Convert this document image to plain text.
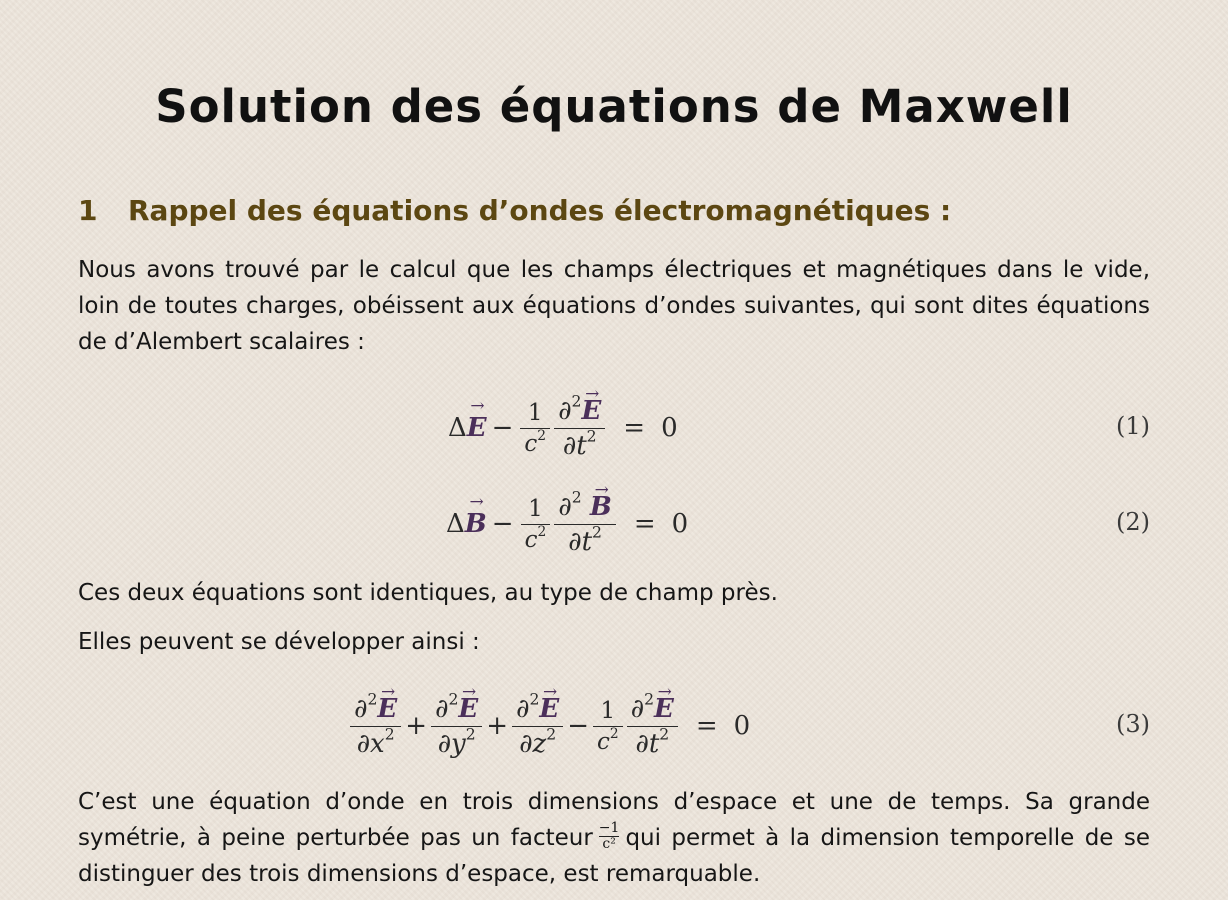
Solution des équations de Maxwell
1 Rappel des équations d’ondes électromagnétiques :

Nous avons trouvé par le calcul que les champs électriques et magnétiques dans le vide, loin de toutes charges, obéissent aux équations d’ondes suivantes, qui sont dites équations de d’Alembert scalaires :

Δ
→ $E - \frac{1}{c^2} \frac{\partial^2\to E}{\partial t^2} = 0$	(1)
Δ
→ $B - \frac{1}{c^2} \frac{\partial^2 \to B}{\partial t^2} = 0$	(2)

Ces deux équations sont identiques, au type de champ près.

Elles peuvent se développer ainsi :

$\frac{\partial^2\to E}{\partial x^2} + \frac{\partial^2\to E}{\partial y^2} + \frac{\partial^2\to E}{\partial z^2} - \frac{1}{c^2} \frac{\partial^2\to E}{\partial t^2} = 0$	(3)

C’est une équation d’onde en trois dimensions d’espace et une de temps. Sa grande symétrie, à peine perturbée pas un facteur $\frac{-1}{\text{c²}}$ qui permet à la dimension temporelle de se distinguer des trois dimensions d’espace, est remarquable.
